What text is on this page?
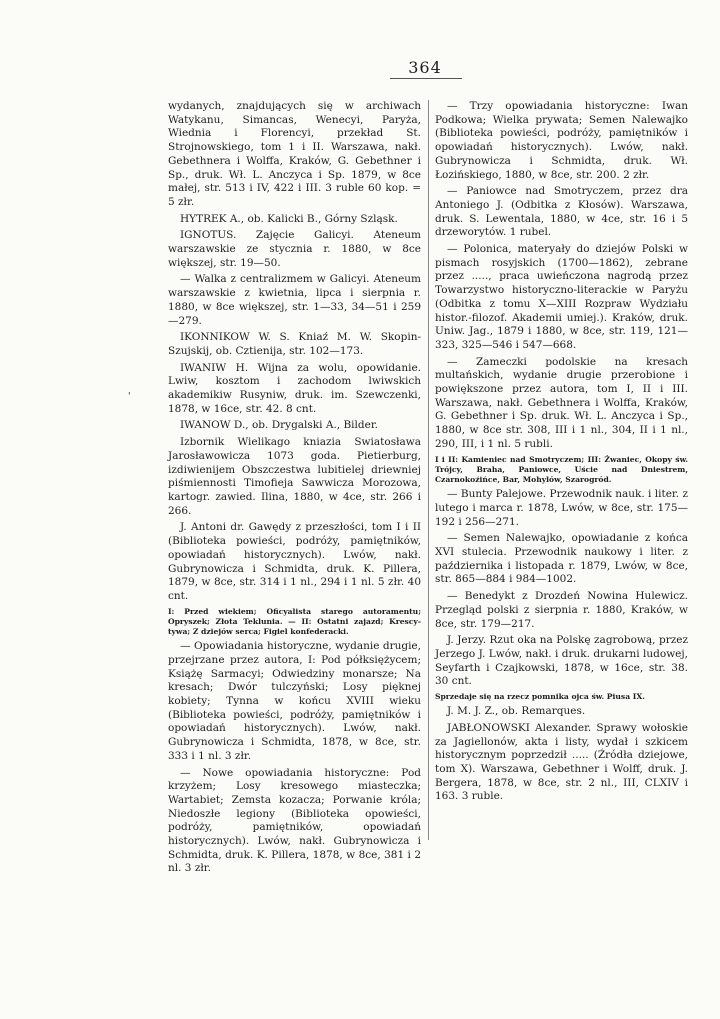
364
'

wydanych, znajdujących się w archiwach Watykanu, Simancas, Wenecyi, Paryża, Wiednia i Florencyi, przekład St. Strojnowskiego, tom 1 i II. Warszawa, nakł. Gebethnera i Wolffa, Kraków, G. Gebethner i Sp., druk. Wł. L. Anczyca i Sp. 1879, w 8ce małej, str. 513 i IV, 422 i III. 3 ruble 60 kop. = 5 złr.

HYTREK A., ob. Kalicki B., Górny Szląsk.

IGNOTUS. Zajęcie Galicyi. Ateneum warszawskie ze stycznia r. 1880, w 8ce większej, str. 19—50.

— Walka z centralizmem w Galicyi. Ateneum warszawskie z kwietnia, lipca i sierpnia r. 1880, w 8ce większej, str. 1—33, 34—51 i 259—279.

IKONNIKOW W. S. Kniaź M. W. Skopin-Szujskij, ob. Cztienija, str. 102—173.

IWANIW H. Wijna za wolu, opowidanie. Lwiw, kosztom i zachodom lwiwskich akademikiw Rusyniw, druk. im. Szewczenki, 1878, w 16ce, str. 42. 8 cnt.

IWANOW D., ob. Drygalski A., Bilder.

Izbornik Wielikago kniazia Swiatosława Jarosławowicza 1073 goda. Pietierburg, izdiwienijem Obszczestwa lubitielej driewniej piśmiennosti Timofieja Sawwicza Morozowa, kartogr. zawied. Ilina, 1880, w 4ce, str. 266 i 266.

J. Antoni dr. Gawędy z przeszłości, tom I i II (Biblioteka powieści, podróży, pamiętników, opowiadań historycznych). Lwów, nakł. Gubrynowicza i Schmidta, druk. K. Pillera, 1879, w 8ce, str. 314 i 1 nl., 294 i 1 nl. 5 złr. 40 cnt.

I: Przed wiekiem; Oficyalista starego autoramentu; Opryszek; Złota Teklunia. — II: Ostatni zajazd; Krescy-tywa; Z dziejów serca; Figiel konfederacki.

— Opowiadania historyczne, wydanie drugie, przejrzane przez autora, I: Pod półksiężycem; Książę Sarmacyi; Odwiedziny monarsze; Na kresach; Dwór tulczyński; Losy pięknej kobiety; Tynna w końcu XVIII wieku (Biblioteka powieści, podróży, pamiętników i opowiadań historycznych). Lwów, nakł. Gubrynowicza i Schmidta, 1878, w 8ce, str. 333 i 1 nl. 3 złr.

— Nowe opowiadania historyczne: Pod krzyżem; Losy kresowego miasteczka; Wartabiet; Zemsta kozacza; Porwanie króla; Niedoszłe legiony (Biblioteka opowieści, podróży, pamiętników, opowiadań historycznych). Lwów, nakł. Gubrynowicza i Schmidta, druk. K. Pillera, 1878, w 8ce, 381 i 2 nl. 3 złr.

— Trzy opowiadania historyczne: Iwan Podkowa; Wielka prywata; Semen Nalewajko (Biblioteka powieści, podróży, pamiętników i opowiadań historycznych). Lwów, nakł. Gubrynowicza i Schmidta, druk. Wł. Łozińskiego, 1880, w 8ce, str. 200. 2 złr.

— Paniowce nad Smotryczem, przez dra Antoniego J. (Odbitka z Kłosów). Warszawa, druk. S. Lewentala, 1880, w 4ce, str. 16 i 5 drzeworytów. 1 rubel.

— Polonica, materyały do dziejów Polski w pismach rosyjskich (1700—1862), zebrane przez ....., praca uwieńczona nagrodą przez Towarzystwo historyczno-literackie w Paryżu (Odbitka z tomu X—XIII Rozpraw Wydziału histor.-filozof. Akademii umiej.). Kraków, druk. Uniw. Jag., 1879 i 1880, w 8ce, str. 119, 121—323, 325—546 i 547—668.

— Zameczki podolskie na kresach multańskich, wydanie drugie przerobione i powiększone przez autora, tom I, II i III. Warszawa, nakł. Gebethnera i Wolffa, Kraków, G. Gebethner i Sp. druk. Wł. L. Anczyca i Sp., 1880, w 8ce str. 308, III i 1 nl., 304, II i 1 nl., 290, III, i 1 nl. 5 rubli.

I i II: Kamieniec nad Smotryczem; III: Żwaniec, Okopy św. Trójcy, Braha, Paniowce, Uście nad Dniestrem, Czarnokoźińce, Bar, Mohylów, Szarogród.

— Bunty Palejowe. Przewodnik nauk. i liter. z lutego i marca r. 1878, Lwów, w 8ce, str. 175—192 i 256—271.

— Semen Nalewajko, opowiadanie z końca XVI stulecia. Przewodnik naukowy i liter. z października i listopada r. 1879, Lwów, w 8ce, str. 865—884 i 984—1002.

— Benedykt z Drozdeń Nowina Hulewicz. Przegląd polski z sierpnia r. 1880, Kraków, w 8ce, str. 179—217.

J. Jerzy. Rzut oka na Polskę zagrobową, przez Jerzego J. Lwów, nakł. i druk. drukarni ludowej, Seyfarth i Czajkowski, 1878, w 16ce, str. 38. 30 cnt.

Sprzedaje się na rzecz pomnika ojca św. Piusa IX.

J. M. J. Z., ob. Remarques.

JABŁONOWSKI Alexander. Sprawy wołoskie za Jagiellonów, akta i listy, wydał i szkicem historycznym poprzedził ..... (Źródła dziejowe, tom X). Warszawa, Gebethner i Wolff, druk. J. Bergera, 1878, w 8ce, str. 2 nl., III, CLXIV i 163. 3 ruble.
